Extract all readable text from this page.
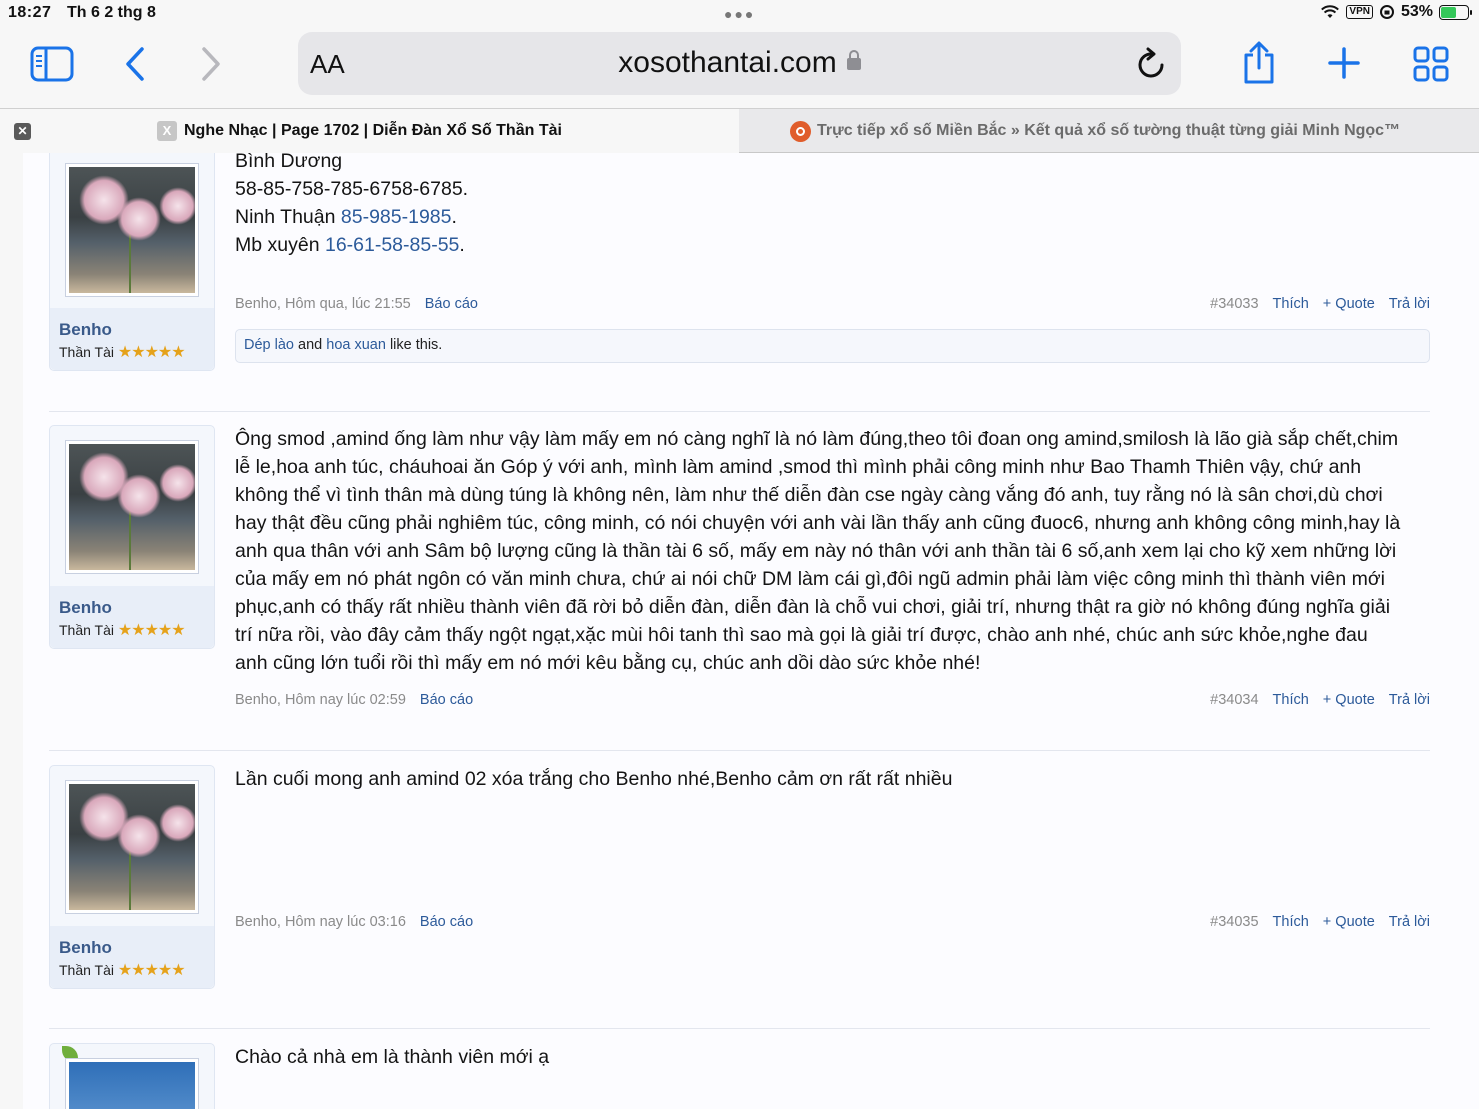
18:27 Th 6 2 thg 8	●●●	VPN 53%
AA	xosothantai.com
✕	X Nghe Nhạc | Page 1702 | Diễn Đàn Xổ Số Thần Tài	Trực tiếp xổ số Miền Bắc » Kết quả xổ số tường thuật từng giải Minh Ngọc™
Benho
Thần Tài ★★★★★
Bình Dương
58-85-758-785-6758-6785.
Ninh Thuận 85-985-1985.
Mb xuyên 16-61-58-85-55.
Benho, Hôm qua, lúc 21:55 Báo cáo	#34033 Thích + Quote Trả lời
Dép lào and hoa xuan like this.
Benho
Thần Tài ★★★★★
Ông smod ,amind ống làm như vậy làm mấy em nó càng nghĩ là nó làm đúng,theo tôi đoan ong amind,smilosh là lão già sắp chết,chim
lễ le,hoa anh túc, cháuhoai ăn Góp ý với anh, mình làm amind ,smod thì mình phải công minh như Bao Thamh Thiên vậy, chứ anh
không thể vì tình thân mà dùng túng là không nên, làm như thế diễn đàn cse ngày càng vắng đó anh, tuy rằng nó là sân chơi,dù chơi
hay thật đều cũng phải nghiêm túc, công minh, có nói chuyện với anh vài lần thấy anh cũng đuoc6, nhưng anh không công minh,hay là
anh qua thân với anh Sâm bộ lượng cũng là thần tài 6 số, mấy em này nó thân với anh thần tài 6 số,anh xem lại cho kỹ xem những lời
của mấy em nó phát ngôn có văn minh chưa, chứ ai nói chữ DM làm cái gì,đôi ngũ admin phải làm việc công minh thì thành viên mới
phục,anh có thấy rất nhiều thành viên đã rời bỏ diễn đàn, diễn đàn là chỗ vui chơi, giải trí, nhưng thật ra giờ nó không đúng nghĩa giải
trí nữa rồi, vào đây cảm thấy ngột ngạt,xặc mùi hôi tanh thì sao mà gọi là giải trí được, chào anh nhé, chúc anh sức khỏe,nghe đau
anh cũng lớn tuổi rồi thì mấy em nó mới kêu bằng cụ, chúc anh dồi dào sức khỏe nhé!
Benho, Hôm nay lúc 02:59 Báo cáo	#34034 Thích + Quote Trả lời
Benho
Thần Tài ★★★★★
Lần cuối mong anh amind 02 xóa trắng cho Benho nhé,Benho cảm ơn rất rất nhiều
Benho, Hôm nay lúc 03:16 Báo cáo	#34035 Thích + Quote Trả lời
Chào cả nhà em là thành viên mới ạ
